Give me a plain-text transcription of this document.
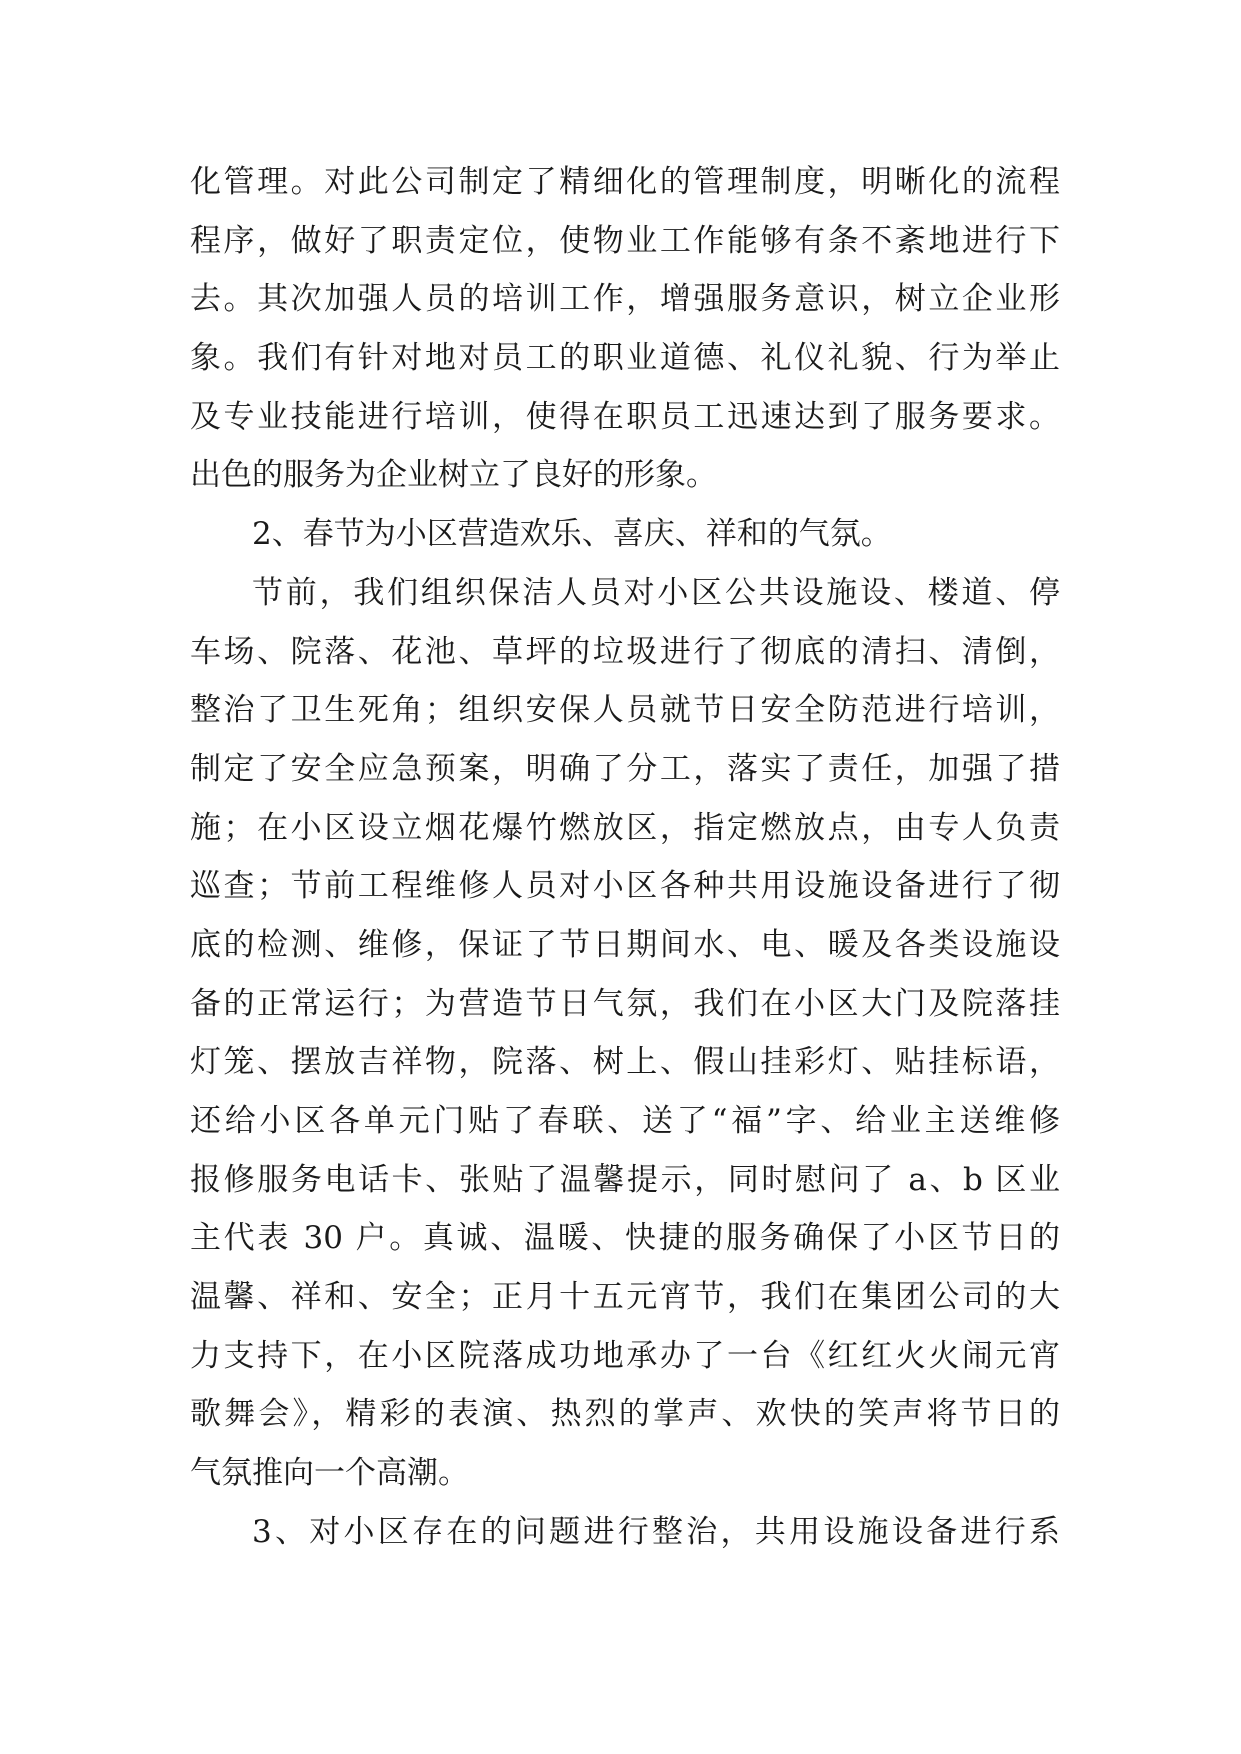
化管理。对此公司制定了精细化的管理制度，明晰化的流程
程序，做好了职责定位，使物业工作能够有条不紊地进行下
去。其次加强人员的培训工作，增强服务意识，树立企业形
象。我们有针对地对员工的职业道德、礼仪礼貌、行为举止
及专业技能进行培训，使得在职员工迅速达到了服务要求。
出色的服务为企业树立了良好的形象。
2、春节为小区营造欢乐、喜庆、祥和的气氛。
节前，我们组织保洁人员对小区公共设施设、楼道、停
车场、院落、花池、草坪的垃圾进行了彻底的清扫、清倒，
整治了卫生死角；组织安保人员就节日安全防范进行培训，
制定了安全应急预案，明确了分工，落实了责任，加强了措
施；在小区设立烟花爆竹燃放区，指定燃放点，由专人负责
巡查；节前工程维修人员对小区各种共用设施设备进行了彻
底的检测、维修，保证了节日期间水、电、暖及各类设施设
备的正常运行；为营造节日气氛，我们在小区大门及院落挂
灯笼、摆放吉祥物，院落、树上、假山挂彩灯、贴挂标语，
还给小区各单元门贴了春联、送了“福”字、给业主送维修
报修服务电话卡、张贴了温馨提示，同时慰问了 a、b 区业
主代表 30 户。真诚、温暖、快捷的服务确保了小区节日的
温馨、祥和、安全；正月十五元宵节，我们在集团公司的大
力支持下，在小区院落成功地承办了一台《红红火火闹元宵
歌舞会》，精彩的表演、热烈的掌声、欢快的笑声将节日的
气氛推向一个高潮。
3、对小区存在的问题进行整治，共用设施设备进行系
